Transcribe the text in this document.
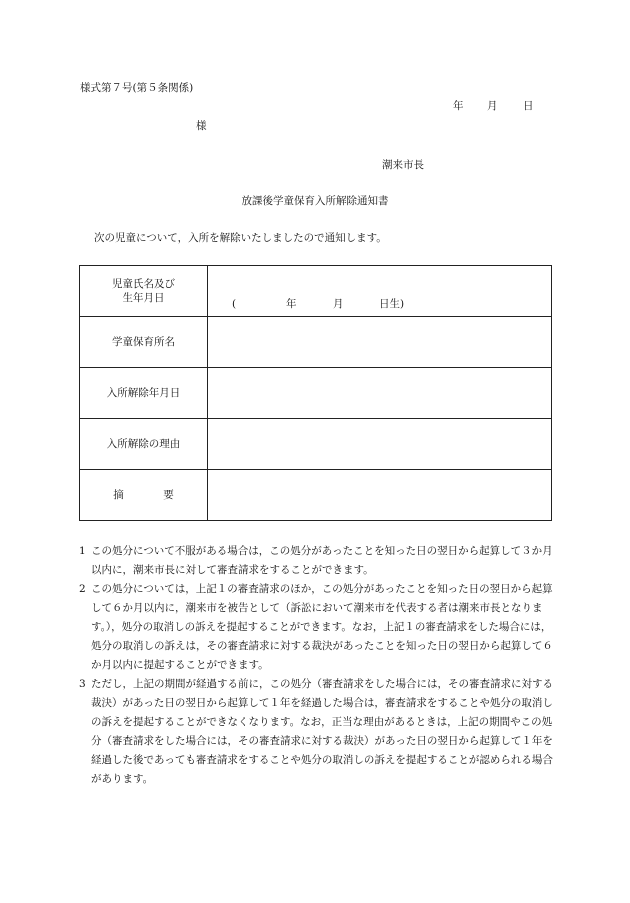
様式第７号(第５条関係)
年 月 日
様
潮来市長
放課後学童保育入所解除通知書
次の児童について，入所を解除いたしましたので通知します。
児童氏名及び
生年月日	( 年 月 日生)

学童保育所名	
入所解除年月日	
入所解除の理由	
摘 要	
1 この処分について不服がある場合は，この処分があったことを知った日の翌日から起算して３か月以内に，潮来市長に対して審査請求をすることができます。
2 この処分については，上記１の審査請求のほか，この処分があったことを知った日の翌日から起算して６か月以内に，潮来市を被告として（訴訟において潮来市を代表する者は潮来市長となります。），処分の取消しの訴えを提起することができます。なお，上記１の審査請求をした場合には，処分の取消しの訴えは，その審査請求に対する裁決があったことを知った日の翌日から起算して６か月以内に提起することができます。
3 ただし，上記の期間が経過する前に，この処分（審査請求をした場合には，その審査請求に対する裁決）があった日の翌日から起算して１年を経過した場合は，審査請求をすることや処分の取消しの訴えを提起することができなくなります。なお，正当な理由があるときは，上記の期間やこの処分（審査請求をした場合には，その審査請求に対する裁決）があった日の翌日から起算して１年を経過した後であっても審査請求をすることや処分の取消しの訴えを提起することが認められる場合があります。
